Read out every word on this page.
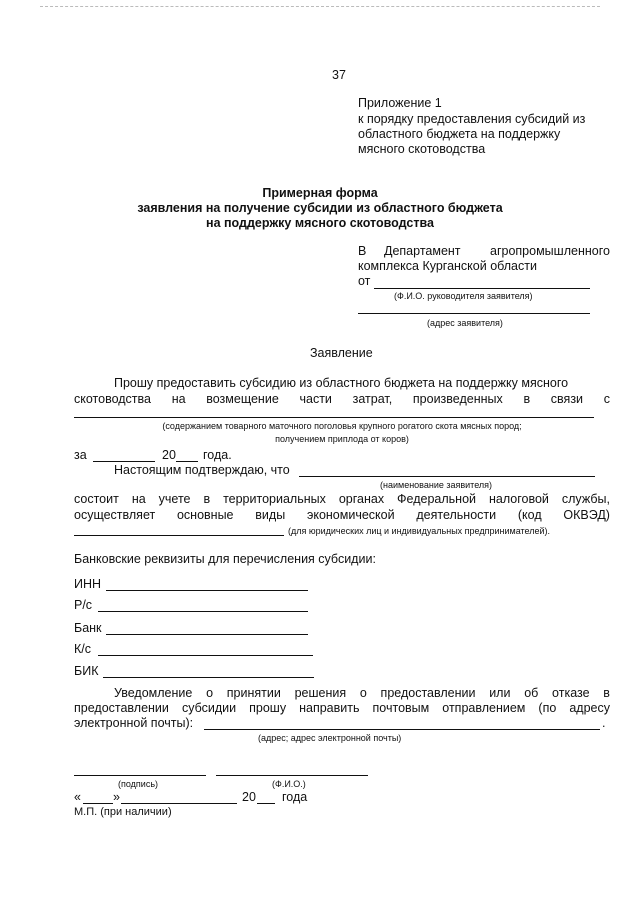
37
Приложение 1
к порядку предоставления субсидий из
областного бюджета на поддержку
мясного скотоводства
Примерная форма
заявления на получение субсидии из областного бюджета
на поддержку мясного скотоводства
В Департамент агропромышленного
комплекса Курганской области
от
(Ф.И.О. руководителя заявителя)
(адрес заявителя)
Заявление
Прошу предоставить субсидию из областного бюджета на поддержку мясного
скотоводства на возмещение части затрат, произведенных в связи с
(содержанием товарного маточного поголовья крупного рогатого скота мясных пород;
получением приплода от коров)
за	20 года.
Настоящим подтверждаю, что
(наименование заявителя)
состоит на учете в территориальных органах Федеральной налоговой службы,
осуществляет основные виды экономической деятельности (код ОКВЭД)
(для юридических лиц и индивидуальных предпринимателей).
Банковские реквизиты для перечисления субсидии:
ИНН
Р/с
Банк
К/с
БИК
Уведомление о принятии решения о предоставлении или об отказе в
предоставлении субсидии прошу направить почтовым отправлением (по адресу
электронной почты):	.
(адрес; адрес электронной почты)
(подпись)	(Ф.И.О.)
«	»	20 года
М.П. (при наличии)
